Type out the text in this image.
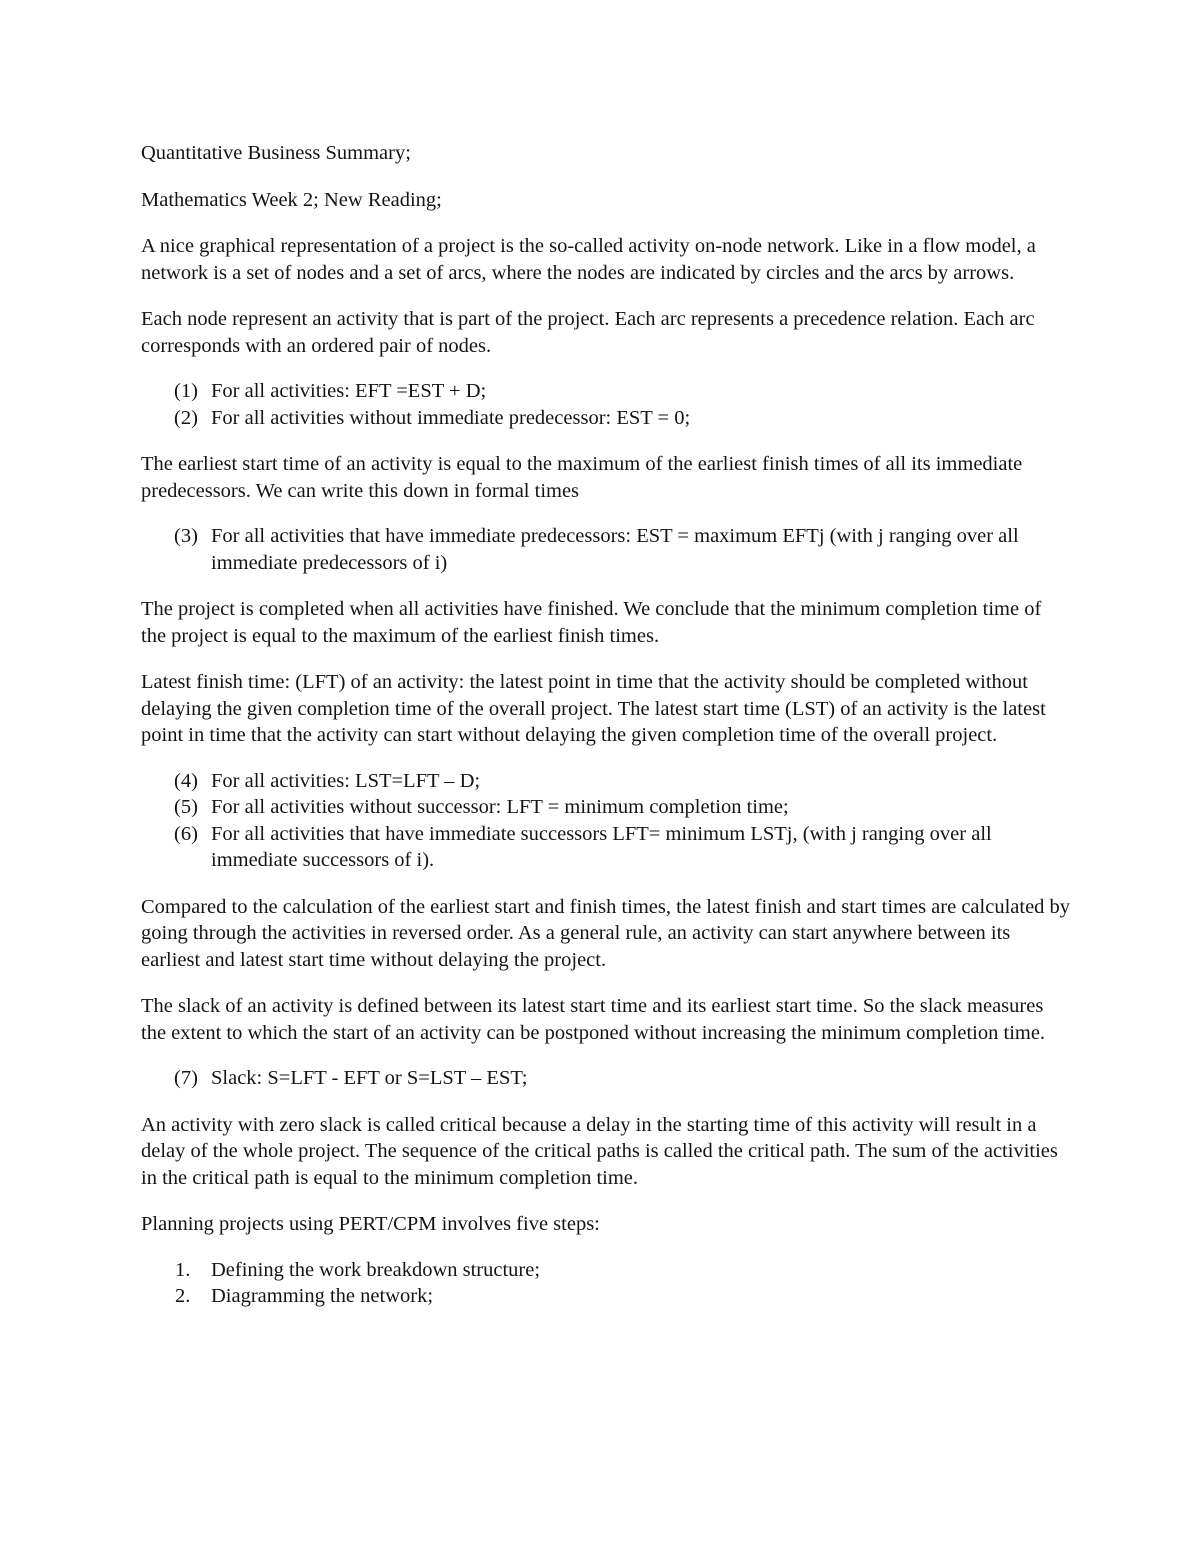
Quantitative Business Summary;

Mathematics Week 2; New Reading;

A nice graphical representation of a project is the so-called activity on-node network. Like in a flow model, a network is a set of nodes and a set of arcs, where the nodes are indicated by circles and the arcs by arrows.

Each node represent an activity that is part of the project. Each arc represents a precedence relation. Each arc corresponds with an ordered pair of nodes.

(1) For all activities: EFT =EST + D;
(2) For all activities without immediate predecessor: EST = 0;

The earliest start time of an activity is equal to the maximum of the earliest finish times of all its immediate predecessors. We can write this down in formal times

(3) For all activities that have immediate predecessors: EST = maximum EFTj (with j ranging over all immediate predecessors of i)

The project is completed when all activities have finished. We conclude that the minimum completion time of the project is equal to the maximum of the earliest finish times.

Latest finish time: (LFT) of an activity: the latest point in time that the activity should be completed without delaying the given completion time of the overall project. The latest start time (LST) of an activity is the latest point in time that the activity can start without delaying the given completion time of the overall project.

(4) For all activities: LST=LFT – D;
(5) For all activities without successor: LFT = minimum completion time;
(6) For all activities that have immediate successors LFT= minimum LSTj, (with j ranging over all immediate successors of i).

Compared to the calculation of the earliest start and finish times, the latest finish and start times are calculated by going through the activities in reversed order. As a general rule, an activity can start anywhere between its earliest and latest start time without delaying the project.

The slack of an activity is defined between its latest start time and its earliest start time. So the slack measures the extent to which the start of an activity can be postponed without increasing the minimum completion time.

(7) Slack: S=LFT - EFT or S=LST – EST;

An activity with zero slack is called critical because a delay in the starting time of this activity will result in a delay of the whole project. The sequence of the critical paths is called the critical path. The sum of the activities in the critical path is equal to the minimum completion time.

Planning projects using PERT/CPM involves five steps:

1. Defining the work breakdown structure;
2. Diagramming the network;
